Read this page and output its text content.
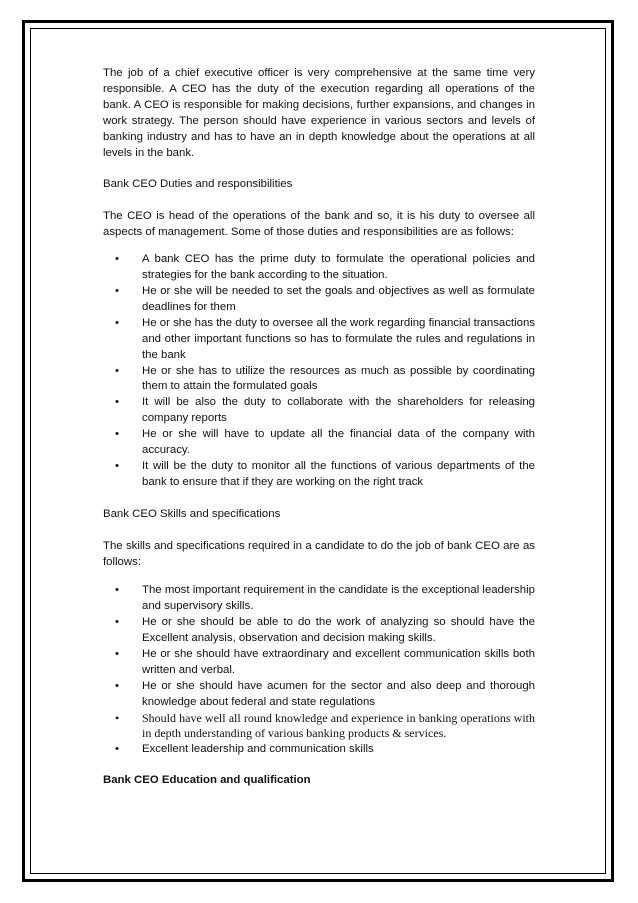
The job of a chief executive officer is very comprehensive at the same time very responsible. A CEO has the duty of the execution regarding all operations of the bank. A CEO is responsible for making decisions, further expansions, and changes in work strategy. The person should have experience in various sectors and levels of banking industry and has to have an in depth knowledge about the operations at all levels in the bank.

Bank CEO Duties and responsibilities

The CEO is head of the operations of the bank and so, it is his duty to oversee all aspects of management. Some of those duties and responsibilities are as follows:

• A bank CEO has the prime duty to formulate the operational policies and strategies for the bank according to the situation.
• He or she will be needed to set the goals and objectives as well as formulate deadlines for them
• He or she has the duty to oversee all the work regarding financial transactions and other important functions so has to formulate the rules and regulations in the bank
• He or she has to utilize the resources as much as possible by coordinating them to attain the formulated goals
• It will be also the duty to collaborate with the shareholders for releasing company reports
• He or she will have to update all the financial data of the company with accuracy.
• It will be the duty to monitor all the functions of various departments of the bank to ensure that if they are working on the right track

Bank CEO Skills and specifications

The skills and specifications required in a candidate to do the job of bank CEO are as follows:

• The most important requirement in the candidate is the exceptional leadership and supervisory skills.
• He or she should be able to do the work of analyzing so should have the Excellent analysis, observation and decision making skills.
• He or she should have extraordinary and excellent communication skills both written and verbal.
• He or she should have acumen for the sector and also deep and thorough knowledge about federal and state regulations
• Should have well all round knowledge and experience in banking operations with in depth understanding of various banking products & services.
• Excellent leadership and communication skills

Bank CEO Education and qualification
